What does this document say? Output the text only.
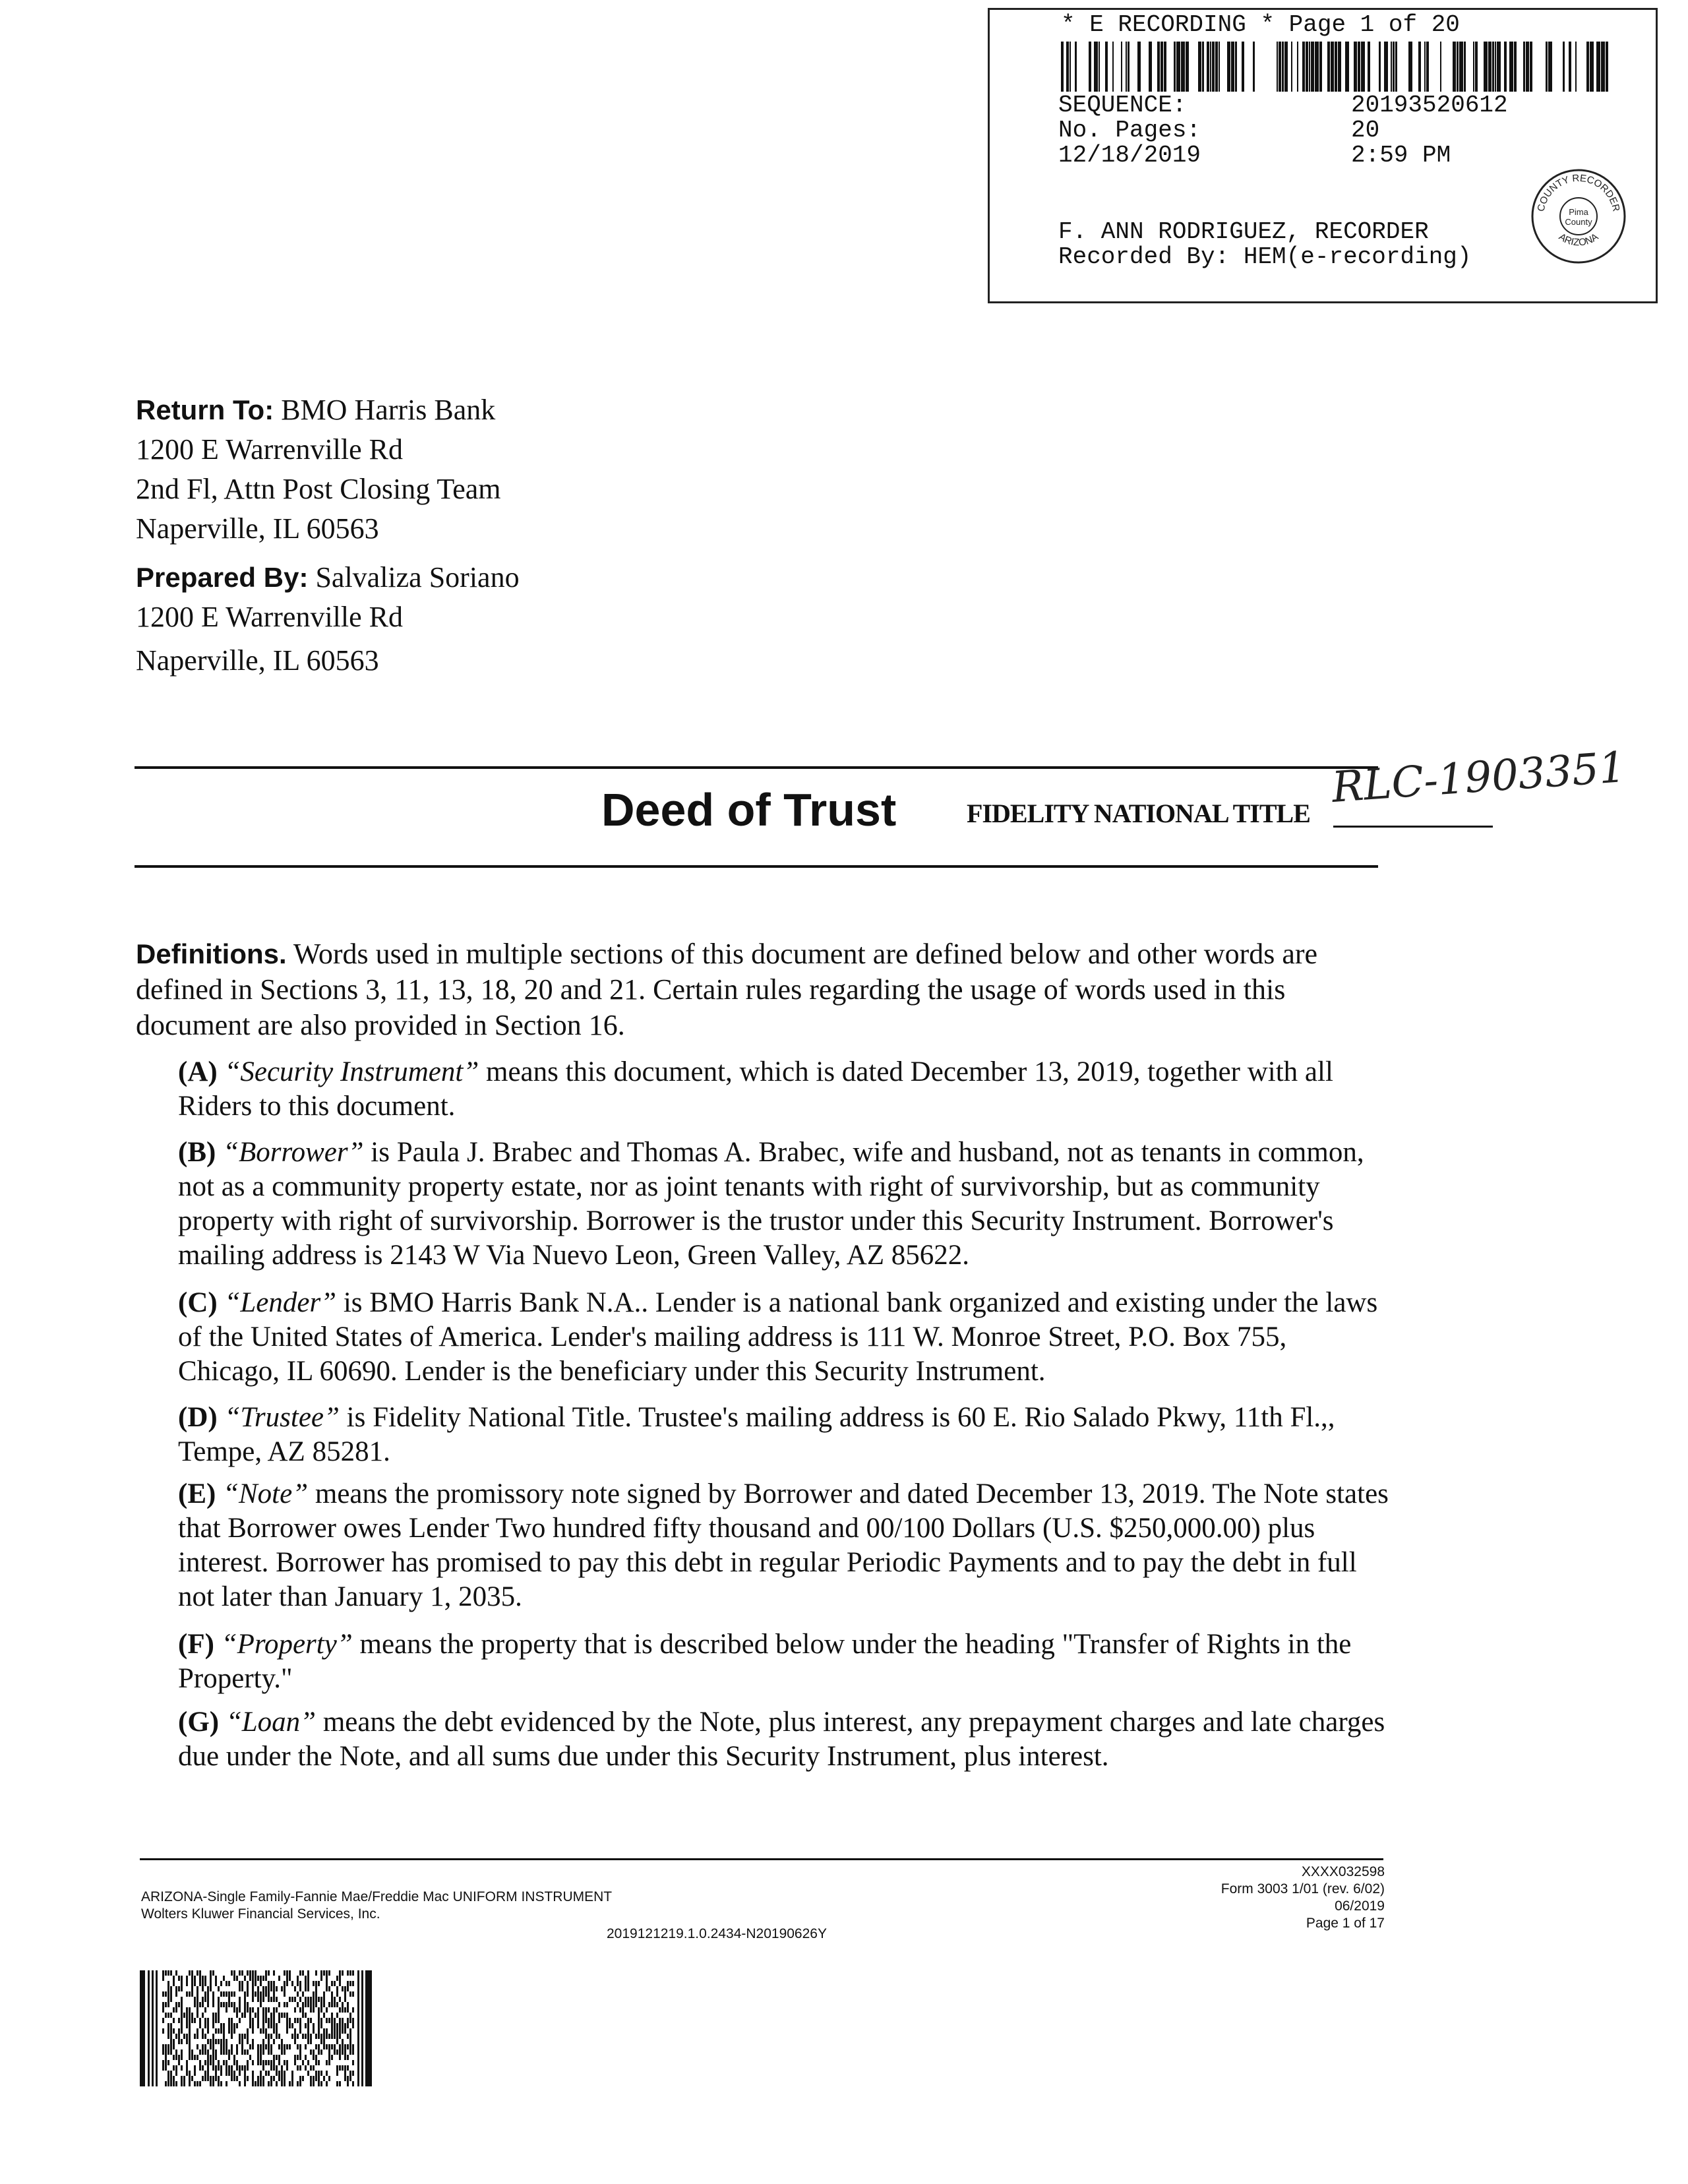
* E RECORDING * Page 1 of 20
SEQUENCE:	20193520612
No. Pages:	20
12/18/2019	2:59 PM
F. ANN RODRIGUEZ, RECORDER
Recorded By: HEM(e-recording)
COUNTY RECORDER
ARIZONA
Pima
County
Return To: BMO Harris Bank
1200 E Warrenville Rd
2nd Fl, Attn Post Closing Team
Naperville, IL 60563
Prepared By: Salvaliza Soriano
1200 E Warrenville Rd
Naperville, IL 60563
Deed of Trust	FIDELITY NATIONAL TITLE
RLC-1903351
Definitions. Words used in multiple sections of this document are defined below and other words are defined in Sections 3, 11, 13, 18, 20 and 21. Certain rules regarding the usage of words used in this document are also provided in Section 16.
(A) “Security Instrument” means this document, which is dated December 13, 2019, together with all Riders to this document.
(B) “Borrower” is Paula J. Brabec and Thomas A. Brabec, wife and husband, not as tenants in common, not as a community property estate, nor as joint tenants with right of survivorship, but as community property with right of survivorship. Borrower is the trustor under this Security Instrument. Borrower's mailing address is 2143 W Via Nuevo Leon, Green Valley, AZ 85622.
(C) “Lender” is BMO Harris Bank N.A.. Lender is a national bank organized and existing under the laws of the United States of America. Lender's mailing address is 111 W. Monroe Street, P.O. Box 755, Chicago, IL 60690. Lender is the beneficiary under this Security Instrument.
(D) “Trustee” is Fidelity National Title. Trustee's mailing address is 60 E. Rio Salado Pkwy, 11th Fl.,, Tempe, AZ 85281.
(E) “Note” means the promissory note signed by Borrower and dated December 13, 2019. The Note states that Borrower owes Lender Two hundred fifty thousand and 00/100 Dollars (U.S. $250,000.00) plus interest. Borrower has promised to pay this debt in regular Periodic Payments and to pay the debt in full not later than January 1, 2035.
(F) “Property” means the property that is described below under the heading "Transfer of Rights in the Property."
(G) “Loan” means the debt evidenced by the Note, plus interest, any prepayment charges and late charges due under the Note, and all sums due under this Security Instrument, plus interest.
ARIZONA-Single Family-Fannie Mae/Freddie Mac UNIFORM INSTRUMENT
Wolters Kluwer Financial Services, Inc.
2019121219.1.0.2434-N20190626Y
XXXX032598
Form 3003 1/01 (rev. 6/02)
06/2019
Page 1 of 17
